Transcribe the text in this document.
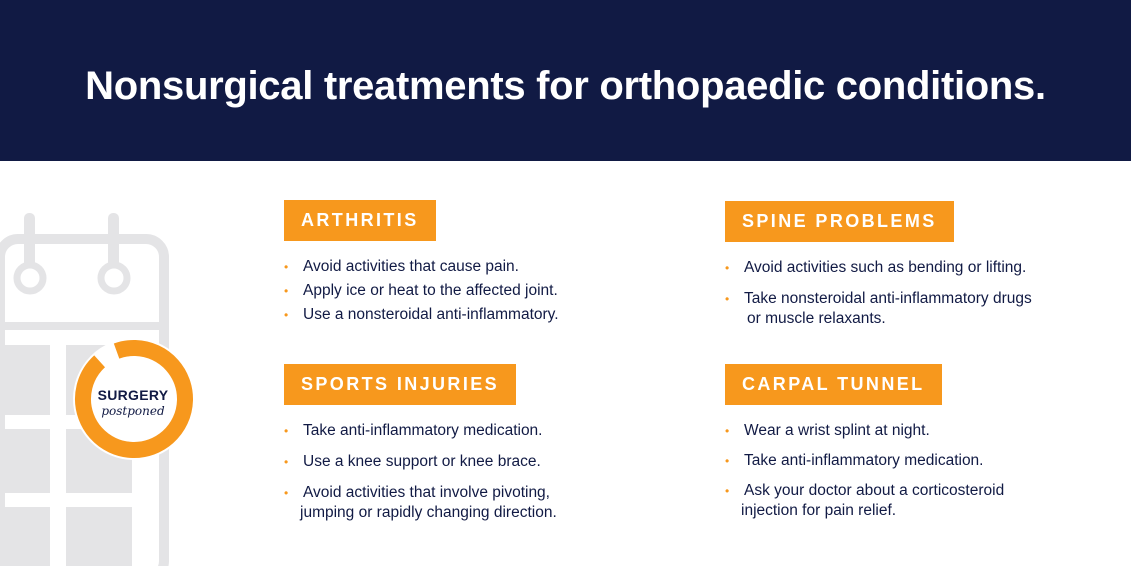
Nonsurgical treatments for orthopaedic conditions.
SURGERY
postponed
ARTHRITIS
• Avoid activities that cause pain.
• Apply ice or heat to the affected joint.
• Use a nonsteroidal anti-inflammatory.
SPINE PROBLEMS
• Avoid activities such as bending or lifting.
• Take nonsteroidal anti-inflammatory drugs
or muscle relaxants.
SPORTS INJURIES
• Take anti-inflammatory medication.
• Use a knee support or knee brace.
• Avoid activities that involve pivoting,
jumping or rapidly changing direction.
CARPAL TUNNEL
• Wear a wrist splint at night.
• Take anti-inflammatory medication.
• Ask your doctor about a corticosteroid
injection for pain relief.
